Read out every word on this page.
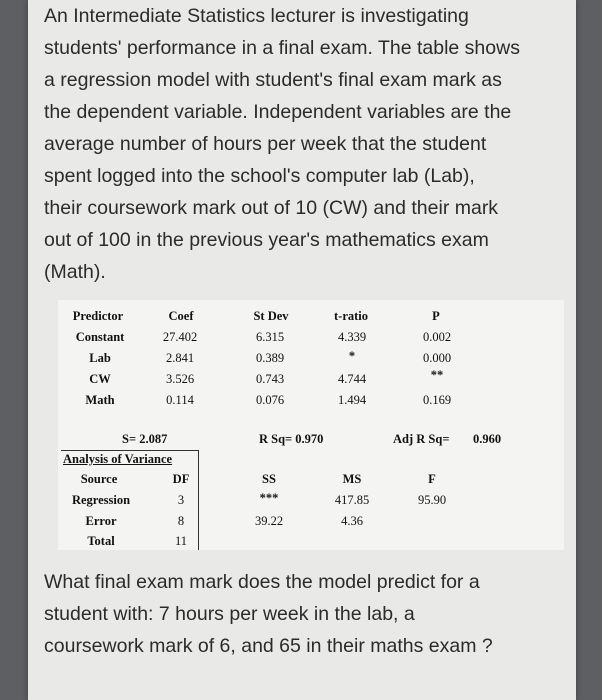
An Intermediate Statistics lecturer is investigating
students' performance in a final exam. The table shows
a regression model with student's final exam mark as
the dependent variable. Independent variables are the
average number of hours per week that the student
spent logged into the school's computer lab (Lab),
their coursework mark out of 10 (CW) and their mark
out of 100 in the previous year's mathematics exam
(Math).
Predictor	Coef	St Dev	t-ratio	P
Constant	27.402	6.315	4.339	0.002
Lab	2.841	0.389	*	0.000
CW	3.526	0.743	4.744	**
Math	0.114	0.076	1.494	0.169
S= 2.087	R Sq= 0.970	Adj R Sq= 0.960
Analysis of Variance
Source	DF	SS	MS	F
Regression	3	***	417.85	95.90
Error	8	39.22	4.36
Total	11
What final exam mark does the model predict for a
student with: 7 hours per week in the lab, a
coursework mark of 6, and 65 in their maths exam ?
